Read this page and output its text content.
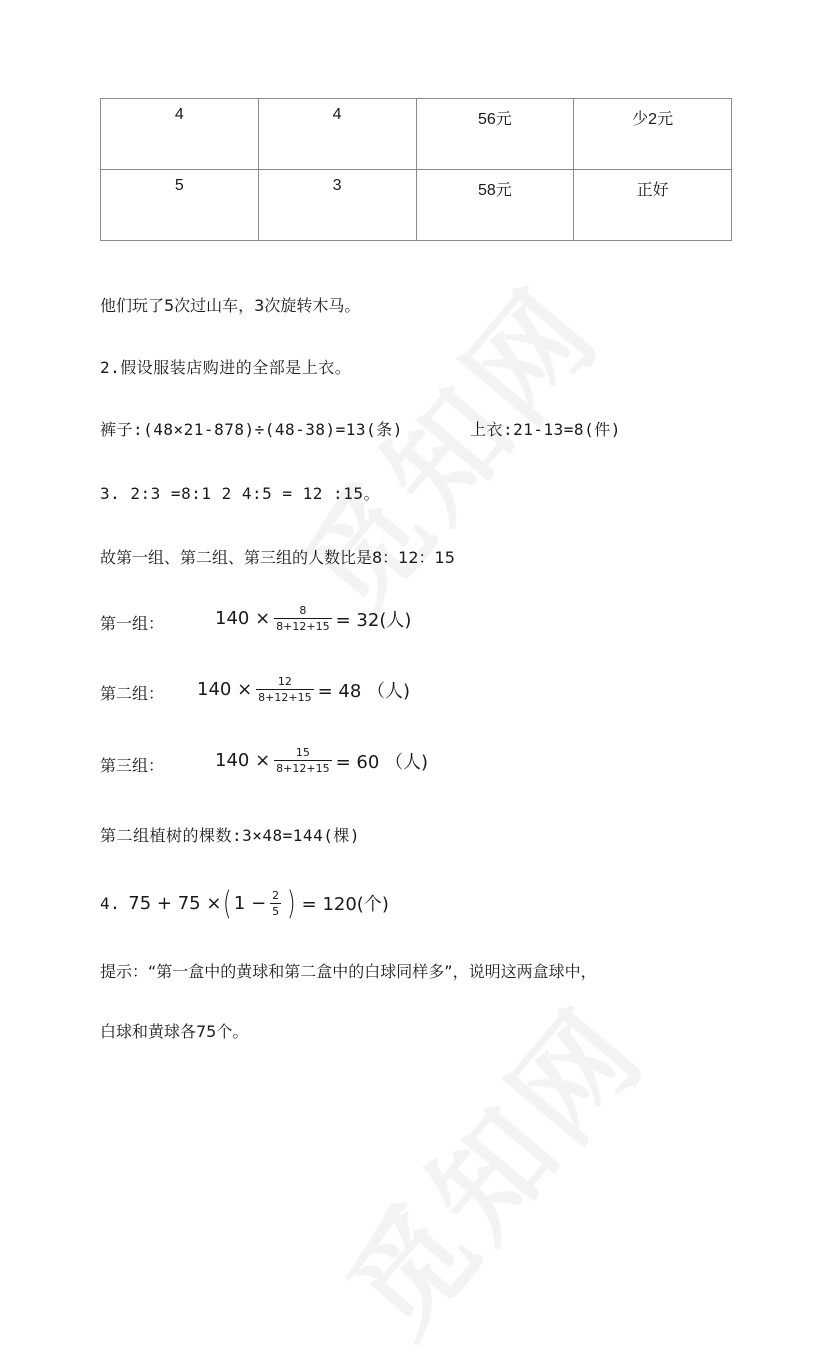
4	4	56元	少2元
5	3	58元	正好
他们玩了5次过山车，3次旋转木马。
2.假设服装店购进的全部是上衣。
裤子:(48×21-878)÷(48-38)=13(条)	上衣:21-13=8(件)
3. 2:3 =8:1 2 4:5 = 12 :15。
故第一组、第二组、第三组的人数比是8：12：15
第一组：	$140 \times \frac{8}{8+12+15} = 32$(人)
第二组： $140 \times \frac{12}{8+12+15} = 48$ （人)
第三组：	$140 \times \frac{15}{8+12+15} = 60$ （人)
第二组植树的棵数:3×48=144(棵)
4. 75 + 75 × ( $1 - \frac{2}{5}$ ) = 120(个)
提示：“第一盒中的黄球和第二盒中的白球同样多”，说明这两盒球中，
白球和黄球各75个。
